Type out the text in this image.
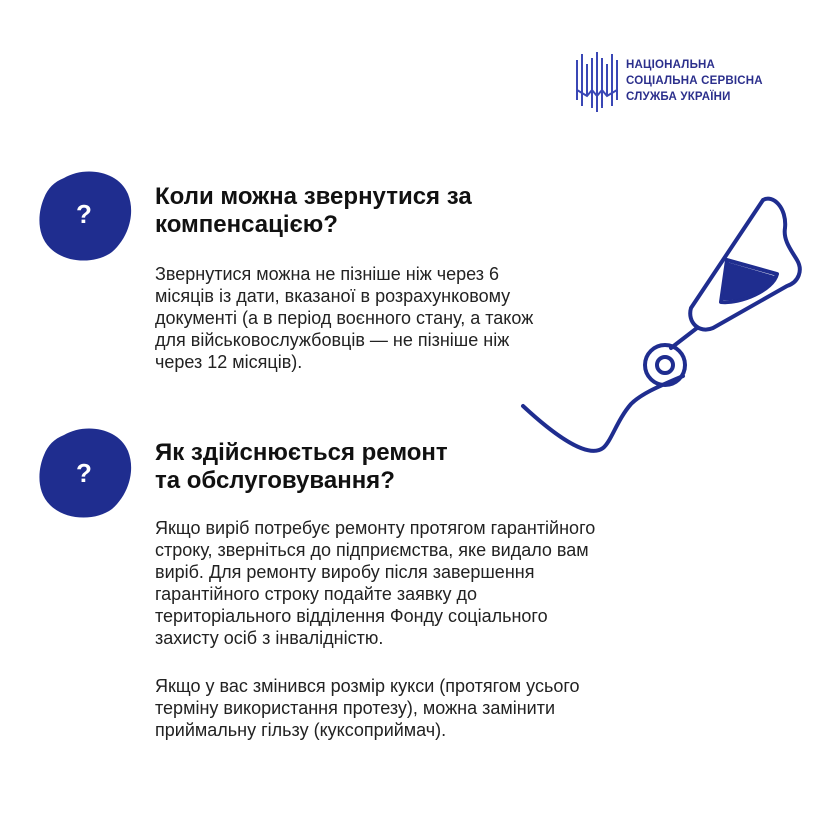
НАЦІОНАЛЬНА
СОЦІАЛЬНА СЕРВІСНА
СЛУЖБА УКРАЇНИ
?
Коли можна звернутися за
компенсацією?
Звернутися можна не пізніше ніж через 6
місяців із дати, вказаної в розрахунковому
документі (а в період воєнного стану, а також
для військовослужбовців — не пізніше ніж
через 12 місяців).
?
Як здійснюється ремонт
та обслуговування?
Якщо виріб потребує ремонту протягом гарантійного
строку, зверніться до підприємства, яке видало вам
виріб. Для ремонту виробу після завершення
гарантійного строку подайте заявку до
територіального відділення Фонду соціального
захисту осіб з інвалідністю.
Якщо у вас змінився розмір кукси (протягом усього
терміну використання протезу), можна замінити
приймальну гільзу (куксоприймач).
